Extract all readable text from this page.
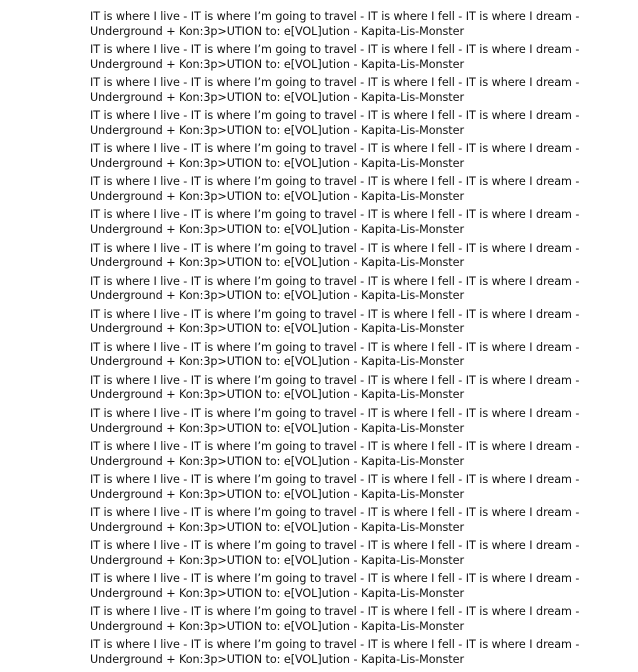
IT is where I live - IT is where I’m going to travel - IT is where I fell - IT is where I dream -
Underground + Kon:3p>UTION to: e[VOL]ution - Kapita-Lis-Monster

IT is where I live - IT is where I’m going to travel - IT is where I fell - IT is where I dream -
Underground + Kon:3p>UTION to: e[VOL]ution - Kapita-Lis-Monster

IT is where I live - IT is where I’m going to travel - IT is where I fell - IT is where I dream -
Underground + Kon:3p>UTION to: e[VOL]ution - Kapita-Lis-Monster

IT is where I live - IT is where I’m going to travel - IT is where I fell - IT is where I dream -
Underground + Kon:3p>UTION to: e[VOL]ution - Kapita-Lis-Monster

IT is where I live - IT is where I’m going to travel - IT is where I fell - IT is where I dream -
Underground + Kon:3p>UTION to: e[VOL]ution - Kapita-Lis-Monster

IT is where I live - IT is where I’m going to travel - IT is where I fell - IT is where I dream -
Underground + Kon:3p>UTION to: e[VOL]ution - Kapita-Lis-Monster

IT is where I live - IT is where I’m going to travel - IT is where I fell - IT is where I dream -
Underground + Kon:3p>UTION to: e[VOL]ution - Kapita-Lis-Monster

IT is where I live - IT is where I’m going to travel - IT is where I fell - IT is where I dream -
Underground + Kon:3p>UTION to: e[VOL]ution - Kapita-Lis-Monster

IT is where I live - IT is where I’m going to travel - IT is where I fell - IT is where I dream -
Underground + Kon:3p>UTION to: e[VOL]ution - Kapita-Lis-Monster

IT is where I live - IT is where I’m going to travel - IT is where I fell - IT is where I dream -
Underground + Kon:3p>UTION to: e[VOL]ution - Kapita-Lis-Monster

IT is where I live - IT is where I’m going to travel - IT is where I fell - IT is where I dream -
Underground + Kon:3p>UTION to: e[VOL]ution - Kapita-Lis-Monster

IT is where I live - IT is where I’m going to travel - IT is where I fell - IT is where I dream -
Underground + Kon:3p>UTION to: e[VOL]ution - Kapita-Lis-Monster

IT is where I live - IT is where I’m going to travel - IT is where I fell - IT is where I dream -
Underground + Kon:3p>UTION to: e[VOL]ution - Kapita-Lis-Monster

IT is where I live - IT is where I’m going to travel - IT is where I fell - IT is where I dream -
Underground + Kon:3p>UTION to: e[VOL]ution - Kapita-Lis-Monster

IT is where I live - IT is where I’m going to travel - IT is where I fell - IT is where I dream -
Underground + Kon:3p>UTION to: e[VOL]ution - Kapita-Lis-Monster

IT is where I live - IT is where I’m going to travel - IT is where I fell - IT is where I dream -
Underground + Kon:3p>UTION to: e[VOL]ution - Kapita-Lis-Monster

IT is where I live - IT is where I’m going to travel - IT is where I fell - IT is where I dream -
Underground + Kon:3p>UTION to: e[VOL]ution - Kapita-Lis-Monster

IT is where I live - IT is where I’m going to travel - IT is where I fell - IT is where I dream -
Underground + Kon:3p>UTION to: e[VOL]ution - Kapita-Lis-Monster

IT is where I live - IT is where I’m going to travel - IT is where I fell - IT is where I dream -
Underground + Kon:3p>UTION to: e[VOL]ution - Kapita-Lis-Monster

IT is where I live - IT is where I’m going to travel - IT is where I fell - IT is where I dream -
Underground + Kon:3p>UTION to: e[VOL]ution - Kapita-Lis-Monster
